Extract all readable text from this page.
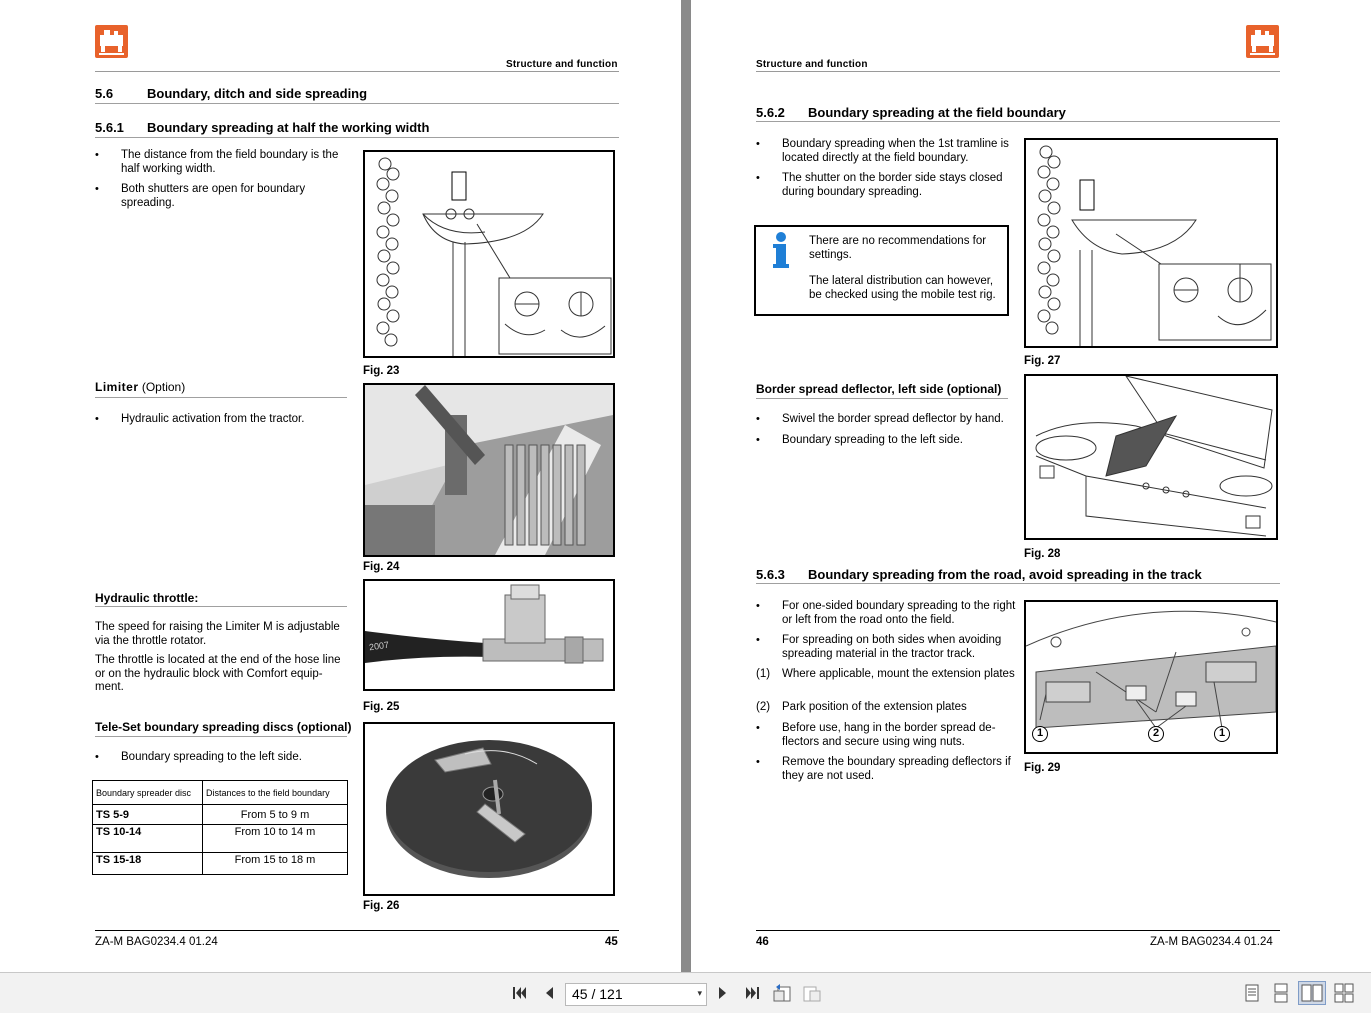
Structure and function
5.6	Boundary, ditch and side spreading
5.6.1 Boundary spreading at half the working width
• The distance from the field boundary is the half working width.
• Both shutters are open for boundary spreading.
Fig. 23
Limiter (Option)
• Hydraulic activation from the tractor.
Fig. 24
Hydraulic throttle:
The speed for raising the Limiter M is adjustable via the throttle rotator.
The throttle is located at the end of the hose line or on the hydraulic block with Comfort equip-ment.
2007
Fig. 25
Tele-Set boundary spreading discs (optional)
• Boundary spreading to the left side.
Boundary spreader disc	Distances to the field boundary
TS 5-9	From 5 to 9 m
TS 10-14	From 10 to 14 m
TS 15-18	From 15 to 18 m
Fig. 26
ZA-M BAG0234.4 01.24	45
Structure and function
5.6.2 Boundary spreading at the field boundary
• Boundary spreading when the 1st tramline is located directly at the field boundary.
• The shutter on the border side stays closed during boundary spreading.
There are no recommendations for settings.
The lateral distribution can however, be checked using the mobile test rig.
Fig. 27
Border spread deflector, left side (optional)
• Swivel the border spread deflector by hand.
• Boundary spreading to the left side.
Fig. 28
5.6.3 Boundary spreading from the road, avoid spreading in the track
• For one-sided boundary spreading to the right or left from the road onto the field.
• For spreading on both sides when avoiding spreading material in the tractor track.
(1) Where applicable, mount the extension plates
(2) Park position of the extension plates
• Before use, hang in the border spread de-flectors and secure using wing nuts.
• Remove the boundary spreading deflectors if they are not used.
1	2	1
Fig. 29
46	ZA-M BAG0234.4 01.24
45 / 121	▾
